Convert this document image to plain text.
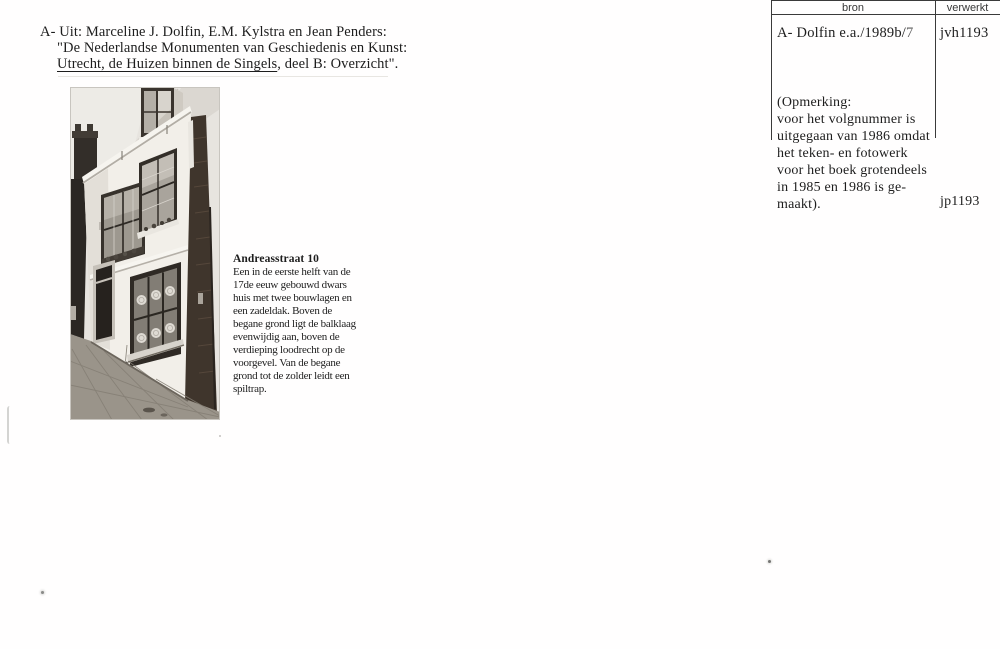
A- Uit: Marceline J. Dolfin, E.M. Kylstra en Jean Penders:
"De Nederlandse Monumenten van Geschiedenis en Kunst:
Utrecht, de Huizen binnen de Singels, deel B: Overzicht".
Andreasstraat 10
Een in de eerste helft van de
17de eeuw gebouwd dwars
huis met twee bouwlagen en
een zadeldak. Boven de
begane grond ligt de balklaag
evenwijdig aan, boven de
verdieping loodrecht op de
voorgevel. Van de begane
grond tot de zolder leidt een
spiltrap.
bron	verwerkt
A- Dolfin e.a./1989b/7 jvh1193
(Opmerking:
voor het volgnummer is
uitgegaan van 1986 omdat
het teken- en fotowerk
voor het boek grotendeels
in 1985 en 1986 is ge-
maakt).	jp1193
